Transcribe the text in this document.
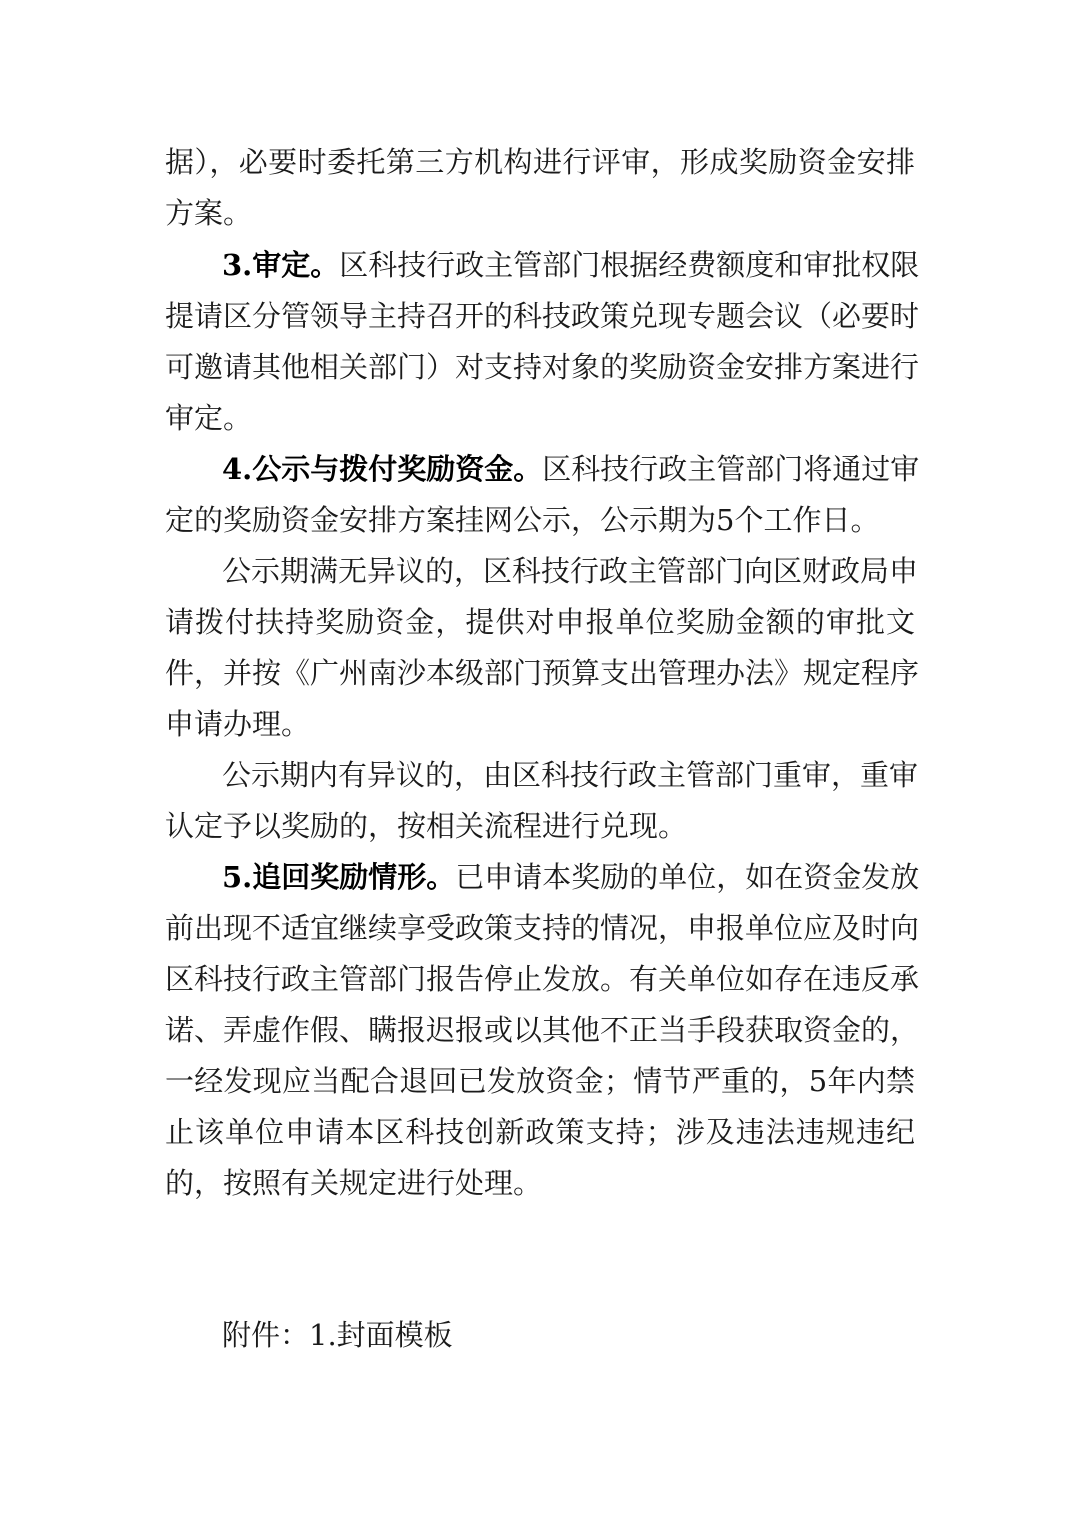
据），必要时委托第三方机构进行评审，形成奖励资金安排
方案。
3.审定。区科技行政主管部门根据经费额度和审批权限
提请区分管领导主持召开的科技政策兑现专题会议（必要时
可邀请其他相关部门）对支持对象的奖励资金安排方案进行
审定。
4.公示与拨付奖励资金。区科技行政主管部门将通过审
定的奖励资金安排方案挂网公示，公示期为5个工作日。
公示期满无异议的，区科技行政主管部门向区财政局申
请拨付扶持奖励资金，提供对申报单位奖励金额的审批文
件，并按《广州南沙本级部门预算支出管理办法》规定程序
申请办理。
公示期内有异议的，由区科技行政主管部门重审，重审
认定予以奖励的，按相关流程进行兑现。
5.追回奖励情形。已申请本奖励的单位，如在资金发放
前出现不适宜继续享受政策支持的情况，申报单位应及时向
区科技行政主管部门报告停止发放。有关单位如存在违反承
诺、弄虚作假、瞒报迟报或以其他不正当手段获取资金的，
一经发现应当配合退回已发放资金；情节严重的，5年内禁
止该单位申请本区科技创新政策支持；涉及违法违规违纪
的，按照有关规定进行处理。
附件：1.封面模板
